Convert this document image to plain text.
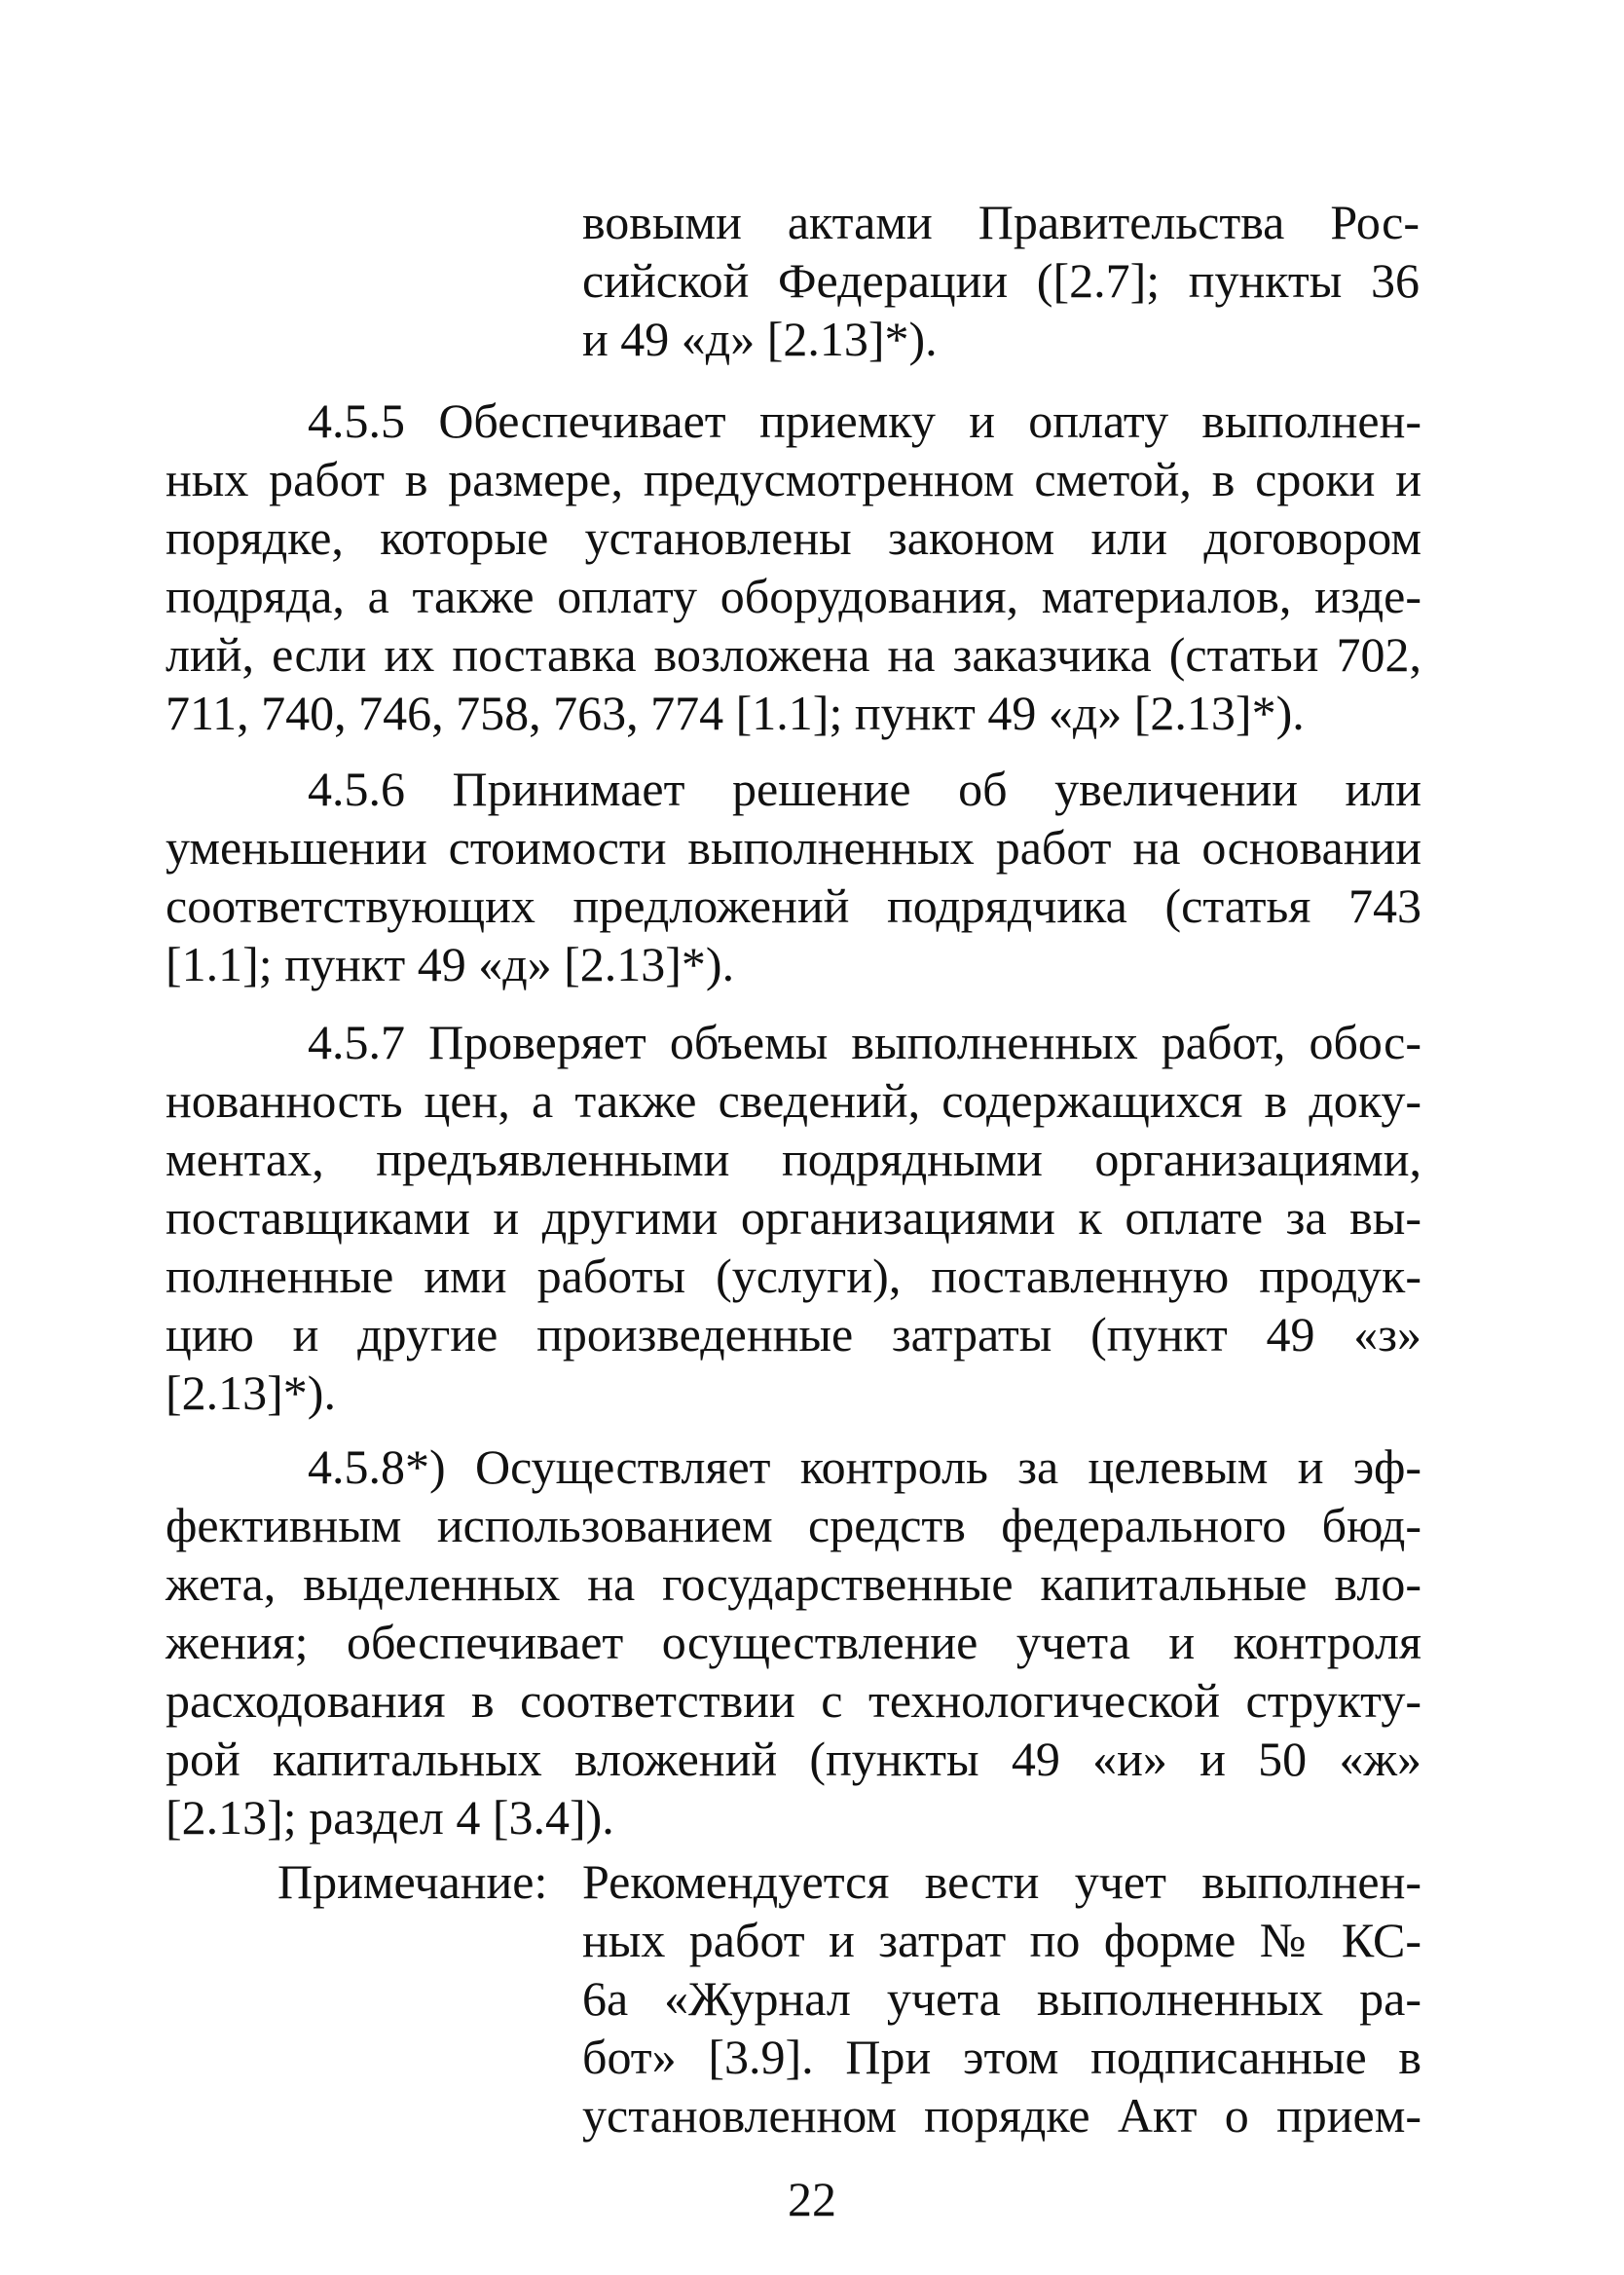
вовыми актами Правительства Рос-
сийской Федерации ([2.7]; пункты 36
и 49 «д» [2.13]*).
4.5.5 Обеспечивает приемку и оплату выполнен-
ных работ в размере, предусмотренном сметой, в сроки и
порядке, которые установлены законом или договором
подряда, а также оплату оборудования, материалов, изде-
лий, если их поставка возложена на заказчика (статьи 702,
711, 740, 746, 758, 763, 774 [1.1]; пункт 49 «д» [2.13]*).
4.5.6 Принимает решение об увеличении или
уменьшении стоимости выполненных работ на основании
соответствующих предложений подрядчика (статья 743
[1.1]; пункт 49 «д» [2.13]*).
4.5.7 Проверяет объемы выполненных работ, обос-
нованность цен, а также сведений, содержащихся в доку-
ментах, предъявленными подрядными организациями,
поставщиками и другими организациями к оплате за вы-
полненные ими работы (услуги), поставленную продук-
цию и другие произведенные затраты (пункт 49 «з»
[2.13]*).
4.5.8*) Осуществляет контроль за целевым и эф-
фективным использованием средств федерального бюд-
жета, выделенных на государственные капитальные вло-
жения; обеспечивает осуществление учета и контроля
расходования в соответствии с технологической структу-
рой капитальных вложений (пункты 49 «и» и 50 «ж»
[2.13]; раздел 4 [3.4]).
Примечание: Рекомендуется вести учет выполнен-
ных работ и затрат по форме № КС-
6а «Журнал учета выполненных ра-
бот» [3.9]. При этом подписанные в
установленном порядке Акт о прием-
22
